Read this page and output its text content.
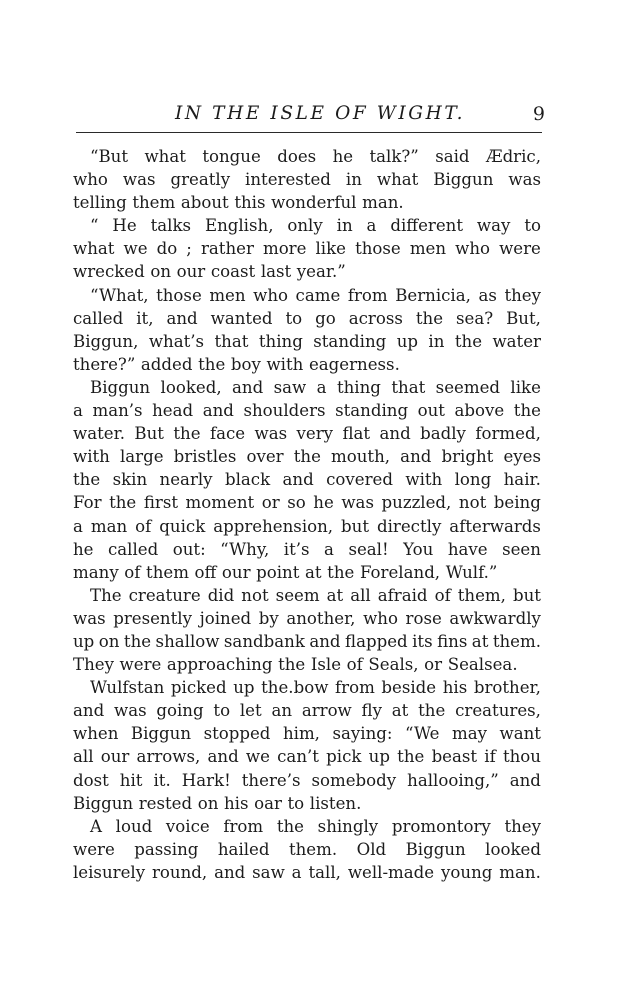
IN THE ISLE OF WIGHT.	9
“But what tongue does he talk?” said Ædric,
who was greatly interested in what Biggun was
telling them about this wonderful man.
“ He talks English, only in a different way to
what we do ; rather more like those men who were
wrecked on our coast last year.”
“What, those men who came from Bernicia, as they
called it, and wanted to go across the sea? But,
Biggun, what’s that thing standing up in the water
there?” added the boy with eagerness.
Biggun looked, and saw a thing that seemed like
a man’s head and shoulders standing out above the
water. But the face was very flat and badly formed,
with large bristles over the mouth, and bright eyes
the skin nearly black and covered with long hair.
For the first moment or so he was puzzled, not being
a man of quick apprehension, but directly afterwards
he called out: “Why, it’s a seal! You have seen
many of them off our point at the Foreland, Wulf.”
The creature did not seem at all afraid of them, but
was presently joined by another, who rose awkwardly
up on the shallow sandbank and flapped its fins at them.
They were approaching the Isle of Seals, or Sealsea.
Wulfstan picked up the.bow from beside his brother,
and was going to let an arrow fly at the creatures,
when Biggun stopped him, saying: “We may want
all our arrows, and we can’t pick up the beast if thou
dost hit it. Hark! there’s somebody hallooing,” and
Biggun rested on his oar to listen.
A loud voice from the shingly promontory they
were passing hailed them. Old Biggun looked
leisurely round, and saw a tall, well-made young man.
